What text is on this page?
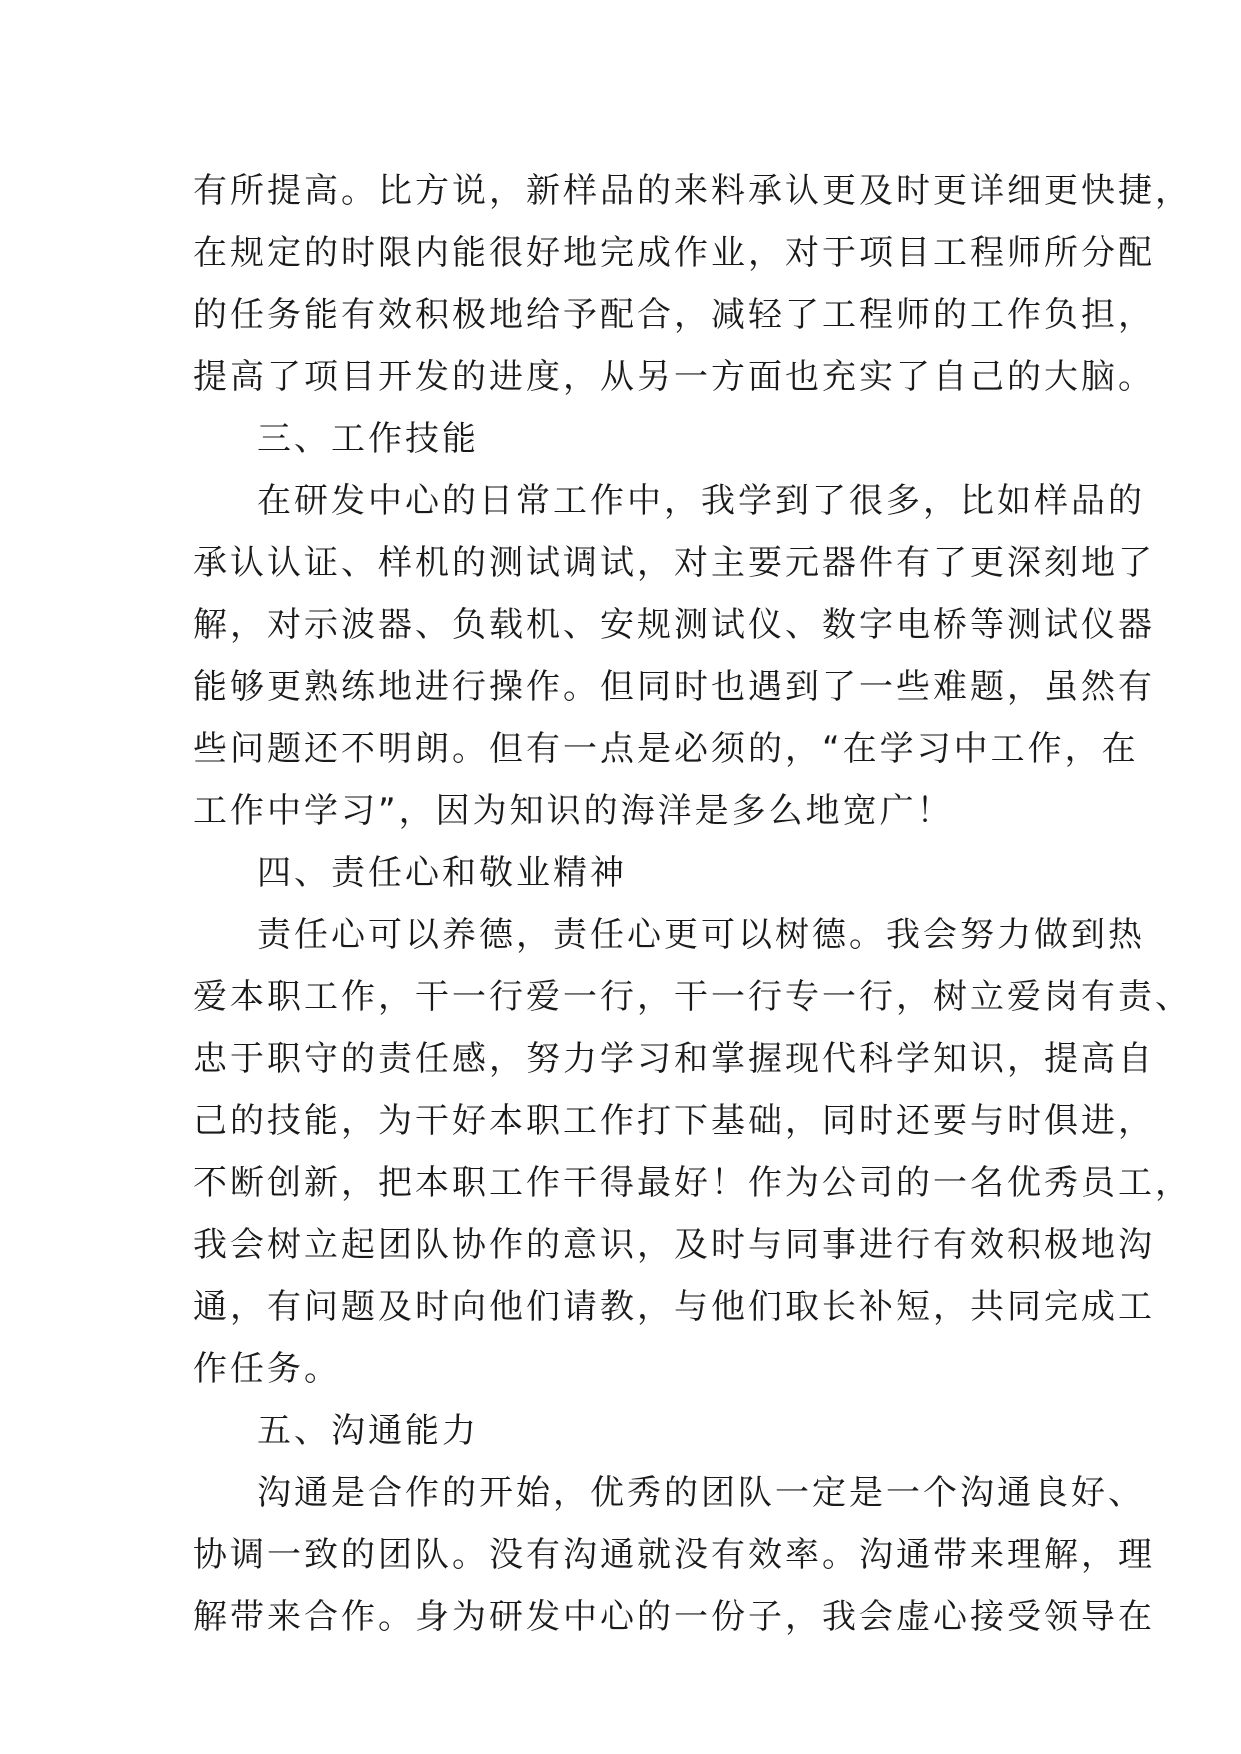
有所提高。比方说，新样品的来料承认更及时更详细更快捷，
在规定的时限内能很好地完成作业，对于项目工程师所分配
的任务能有效积极地给予配合，减轻了工程师的工作负担，
提高了项目开发的进度，从另一方面也充实了自己的大脑。
三、工作技能
在研发中心的日常工作中，我学到了很多，比如样品的
承认认证、样机的测试调试，对主要元器件有了更深刻地了
解，对示波器、负载机、安规测试仪、数字电桥等测试仪器
能够更熟练地进行操作。但同时也遇到了一些难题，虽然有
些问题还不明朗。但有一点是必须的，“在学习中工作，在
工作中学习”，因为知识的海洋是多么地宽广！
四、责任心和敬业精神
责任心可以养德，责任心更可以树德。我会努力做到热
爱本职工作，干一行爱一行，干一行专一行，树立爱岗有责、
忠于职守的责任感，努力学习和掌握现代科学知识，提高自
己的技能，为干好本职工作打下基础，同时还要与时俱进，
不断创新，把本职工作干得最好！作为公司的一名优秀员工，
我会树立起团队协作的意识，及时与同事进行有效积极地沟
通，有问题及时向他们请教，与他们取长补短，共同完成工
作任务。
五、沟通能力
沟通是合作的开始，优秀的团队一定是一个沟通良好、
协调一致的团队。没有沟通就没有效率。沟通带来理解，理
解带来合作。身为研发中心的一份子，我会虚心接受领导在
